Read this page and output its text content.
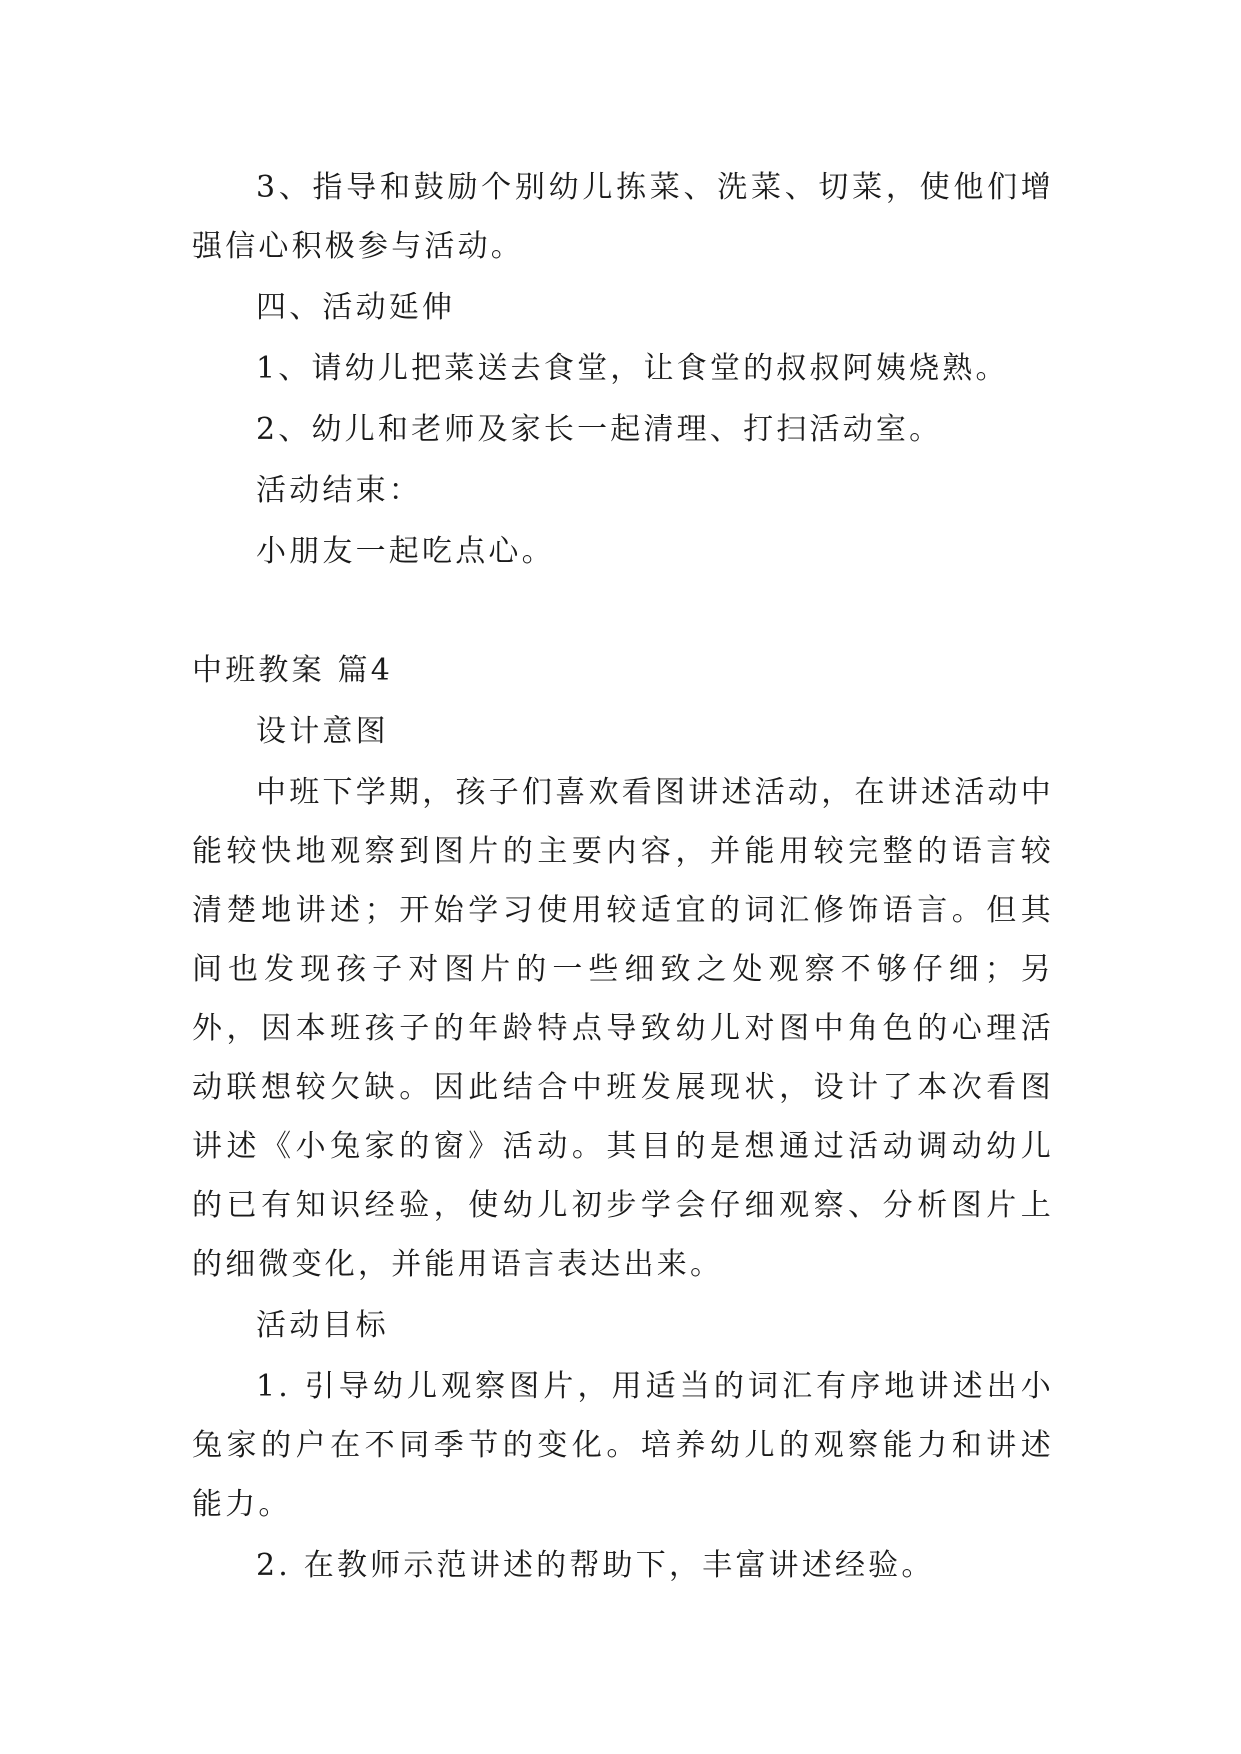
3、指导和鼓励个别幼儿拣菜、洗菜、切菜，使他们增强信心积极参与活动。

四、活动延伸

1、请幼儿把菜送去食堂，让食堂的叔叔阿姨烧熟。

2、幼儿和老师及家长一起清理、打扫活动室。

活动结束：

小朋友一起吃点心。

中班教案 篇4

设计意图

中班下学期，孩子们喜欢看图讲述活动，在讲述活动中能较快地观察到图片的主要内容，并能用较完整的语言较清楚地讲述；开始学习使用较适宜的词汇修饰语言。但其间也发现孩子对图片的一些细致之处观察不够仔细；另外，因本班孩子的年龄特点导致幼儿对图中角色的心理活动联想较欠缺。因此结合中班发展现状，设计了本次看图讲述《小兔家的窗》活动。其目的是想通过活动调动幼儿的已有知识经验，使幼儿初步学会仔细观察、分析图片上的细微变化，并能用语言表达出来。

活动目标

1. 引导幼儿观察图片，用适当的词汇有序地讲述出小兔家的户在不同季节的变化。培养幼儿的观察能力和讲述能力。

2. 在教师示范讲述的帮助下，丰富讲述经验。
